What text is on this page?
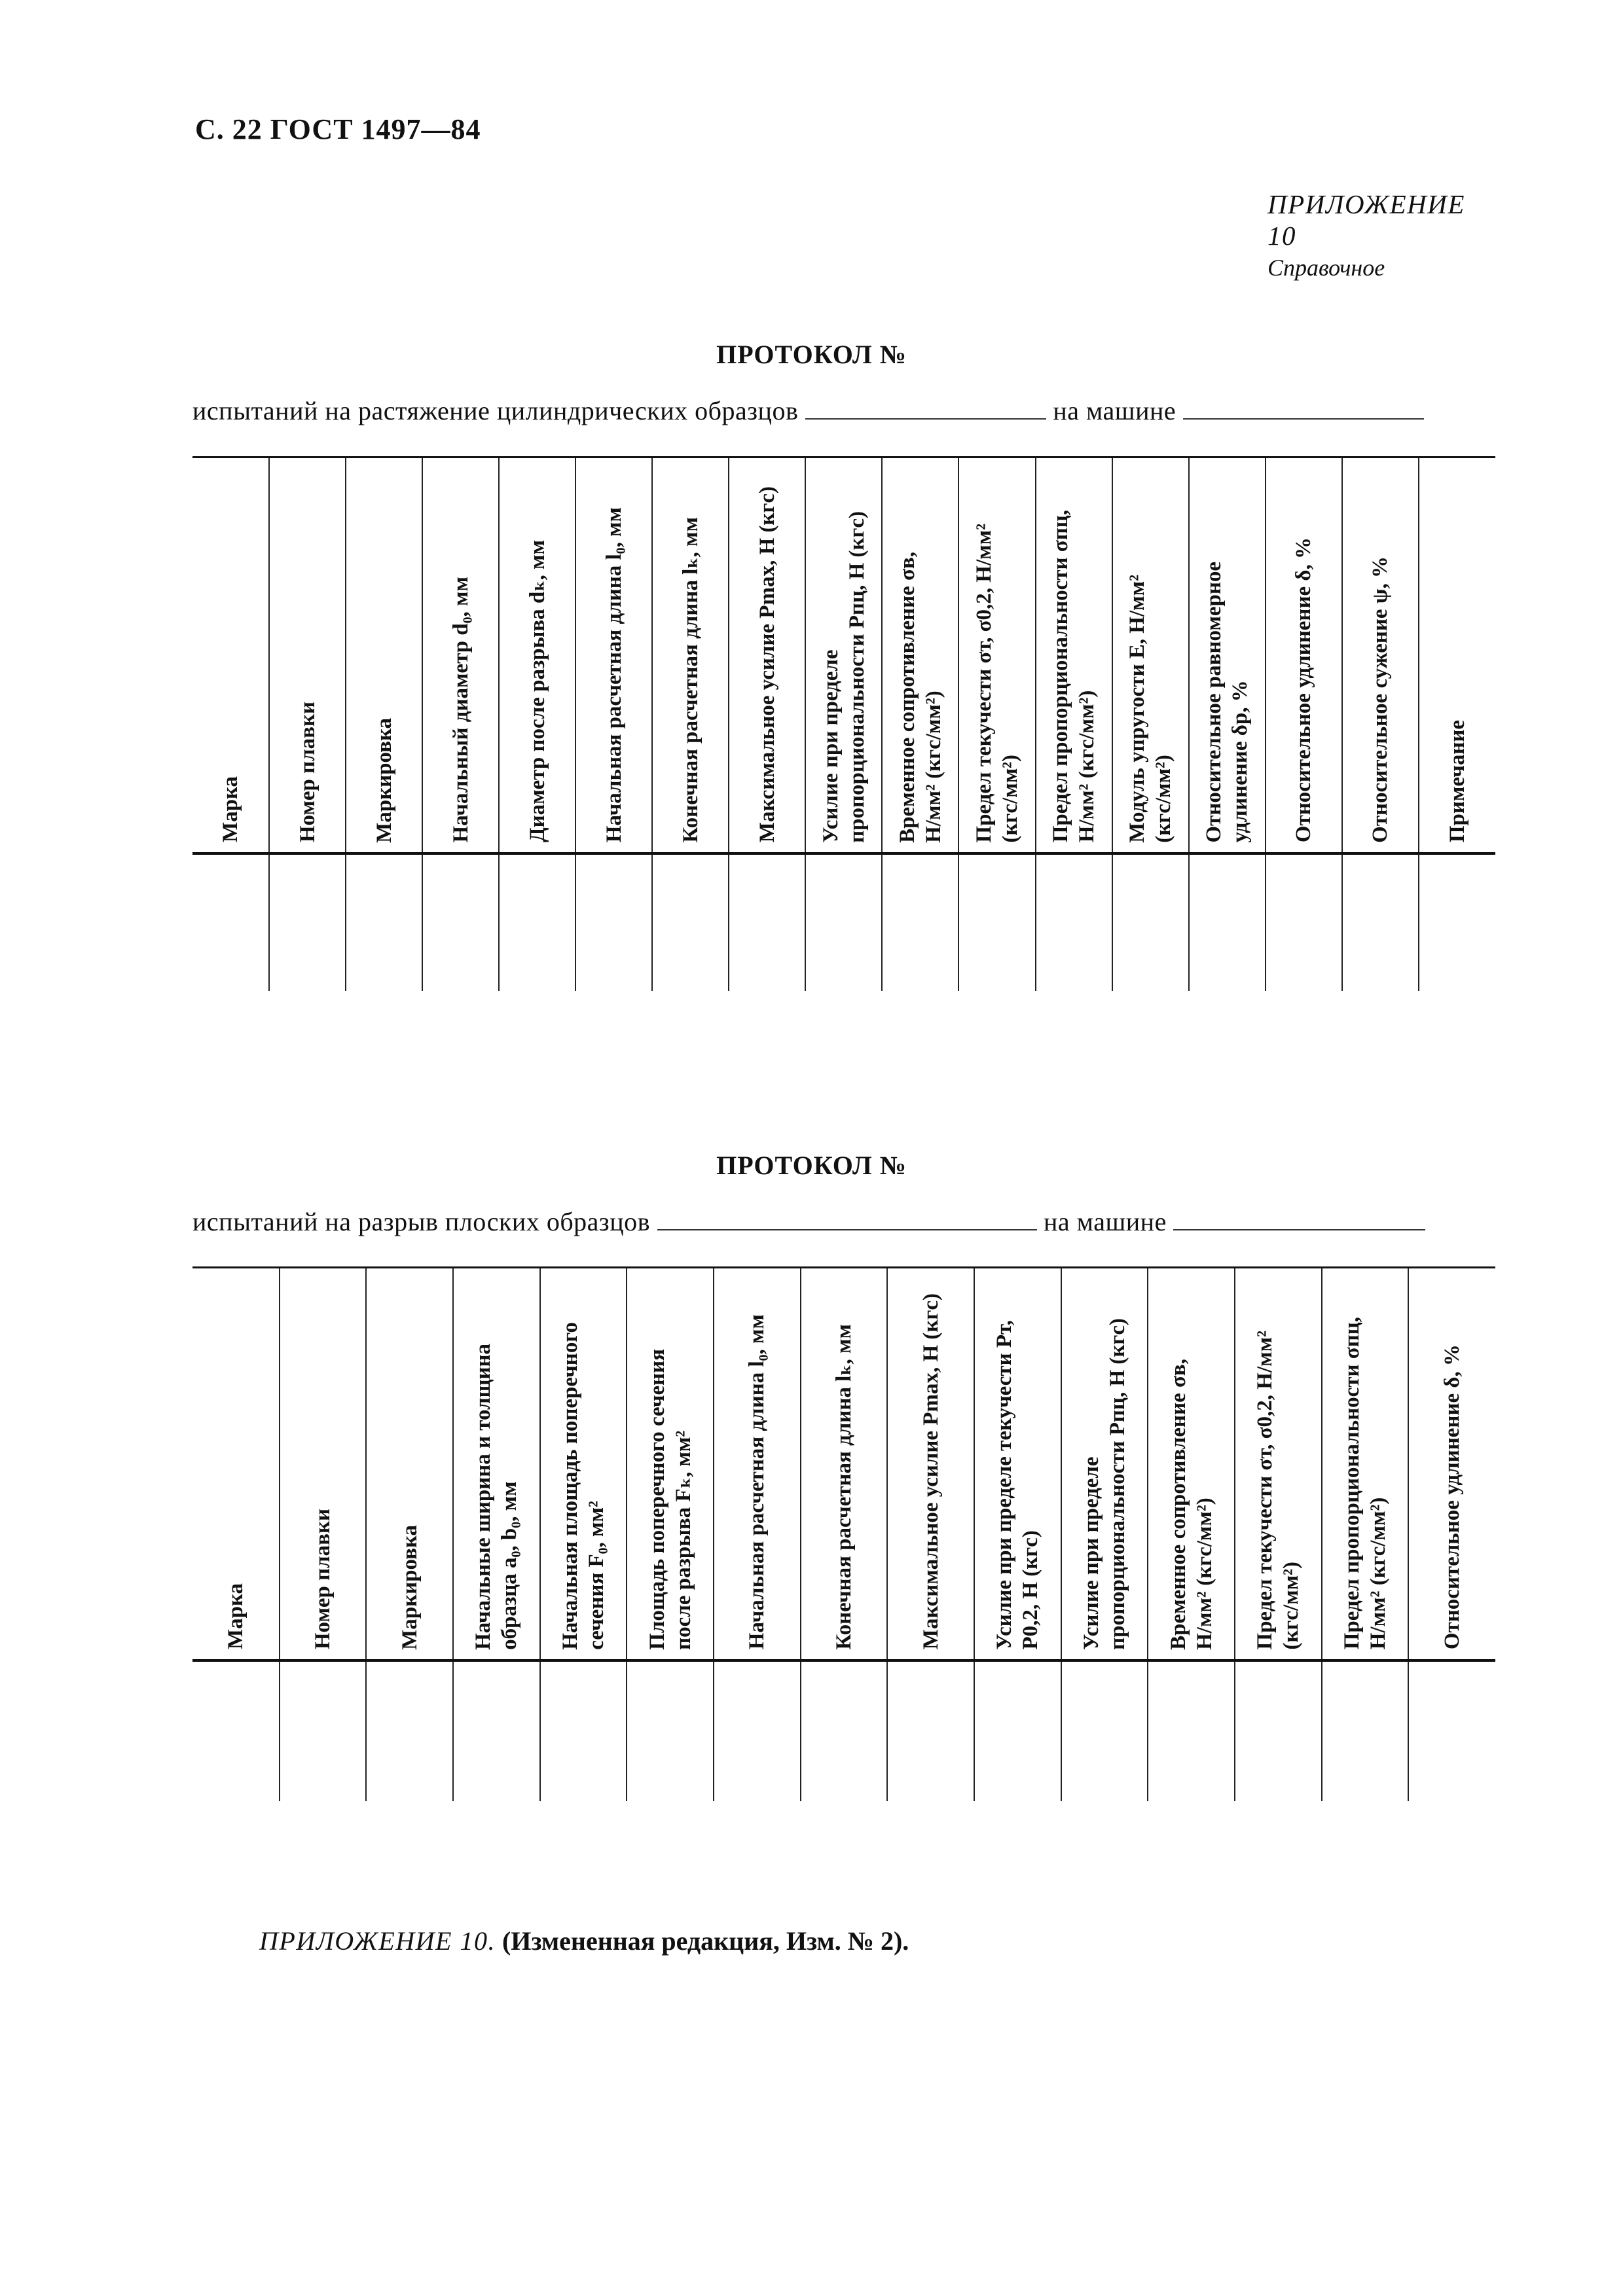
С. 22 ГОСТ 1497—84
ПРИЛОЖЕНИЕ 10
Справочное
ПРОТОКОЛ №
испытаний на растяжение цилиндрических образцов	на машине
Марка	Номер плавки	Маркировка	Начальный диаметр d₀, мм	Диаметр после разрыва dₖ, мм	Начальная расчетная длина l₀, мм	Конечная расчетная длина lₖ, мм	Максимальное усилие Pmax, H (кгс)	Усилие при пределе
пропорциональности Pпц, Н (кгс)	Временное сопротивление σв,
Н/мм² (кгс/мм²)	Предел текучести σт, σ0,2, Н/мм²
(кгс/мм²)	Предел пропорциональности σпц,
Н/мм² (кгс/мм²)	Модуль упругости E, Н/мм²
(кгс/мм²)	Относительное равномерное
удлинение δр, %	Относительное удлинение δ, %	Относительное сужение ψ, %	Примечание

ПРОТОКОЛ №
испытаний на разрыв плоских образцов	на машине
Марка	Номер плавки	Маркировка	Начальные ширина и толщина
образца a₀, b₀, мм	Начальная площадь поперечного
сечения F₀, мм²	Площадь поперечного сечения
после разрыва Fₖ, мм²	Начальная расчетная длина l₀, мм	Конечная расчетная длина lₖ, мм	Максимальное усилие Pmax, Н (кгс)	Усилие при пределе текучести Pт,
P0,2, Н (кгс)	Усилие при пределе
пропорциональности Pпц, Н (кгс)	Временное сопротивление σв,
Н/мм² (кгс/мм²)	Предел текучести σт, σ0,2, Н/мм²
(кгс/мм²)	Предел пропорциональности σпц,
Н/мм² (кгс/мм²)	Относительное удлинение δ, %

ПРИЛОЖЕНИЕ 10. (Измененная редакция, Изм. № 2).
